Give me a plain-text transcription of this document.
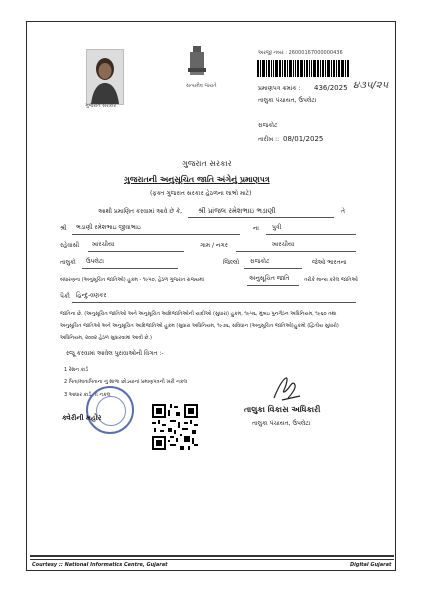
ગુજરાત સરકાર
સત્યમેવ જયતે
અરજી નંબર : 26000167000000436
પ્રમાણપત્ર ક્રમાંક : 436/2025 ૪૩૫/૨૫
તાલુકા પંચાયત, ઉપલેટા
રાજકોટ
તારીખ :: 08/01/2025
ગુજરાત સરકાર
ગુજરાતની અનુસૂચિત જાતિ અંગેનું પ્રમાણપત્ર
(ફક્ત ગુજરાત સરકાર હેઠળના લાભો માટે)
આથી પ્રમાણિત કરવામાં આવે છે કે, શ્રી પ્રાંજલ રમેશભાઇ ભડાણી	તે
શ્રી ભડાણી રમેશભાઇ જીવાભાઇ	ના પુત્રી
રહેવાસી ખારચીયા	ગામ / નગર	ખારચીયા
તાલુકો ઉપલેટા	જિલ્લો રાજકોટ	જેઓ ભારતના
બંધારણના (અનુસૂચિત જાતિઓ) હુકમ - ૧૯૫૦, હેઠળ ગુજરાત રાજ્યમાં	અનુસૂચિત જાતિ	તરીકે માન્ય કરેલ જાતિઓ
પૈકી હિન્દુ-વણકર
જાતિના છે. (અનુસૂચિત જાતિઓ અને અનુસૂચિત આદિજાતિઓની યાદીઓ (સુધારા) હુકમ, ૧૯૫૬, મુંબઇ પુનર્ગઠન અધિનિયમ, ૧૯૬૦ તથા
અનુસૂચિત જાતિઓ અને અનુસૂચિત આદિજાતિઓ હુકમ (સુધારા અધિનિયમ, ૧૯૭૬, સંવિધાન (અનુસૂચિત જાતિઓ)હુકમો (દ્વિતીય સુધારો)
અધિનિયમ, ૨૦૦૨ હેઠળ સુધારવામાં આવી છે.)
રજૂ કરવામાં આવેલ પુરાવાઓની વિગત :-
1 રેશન કાર્ડ
2 પિતા/માતાપિતાના નું શાળા છોડયાનાં પ્રમાણપત્રની ખરી નકલ
3 આધાર કાર્ડ ની નકલ
ક્વેરીની મહોર
તાલુકા વિકાસ અધિકારી
તાલુકા પંચાયત, ઉપલેટા
Courtesy :: National Informatics Centre, Gujarat	Digital Gujarat
